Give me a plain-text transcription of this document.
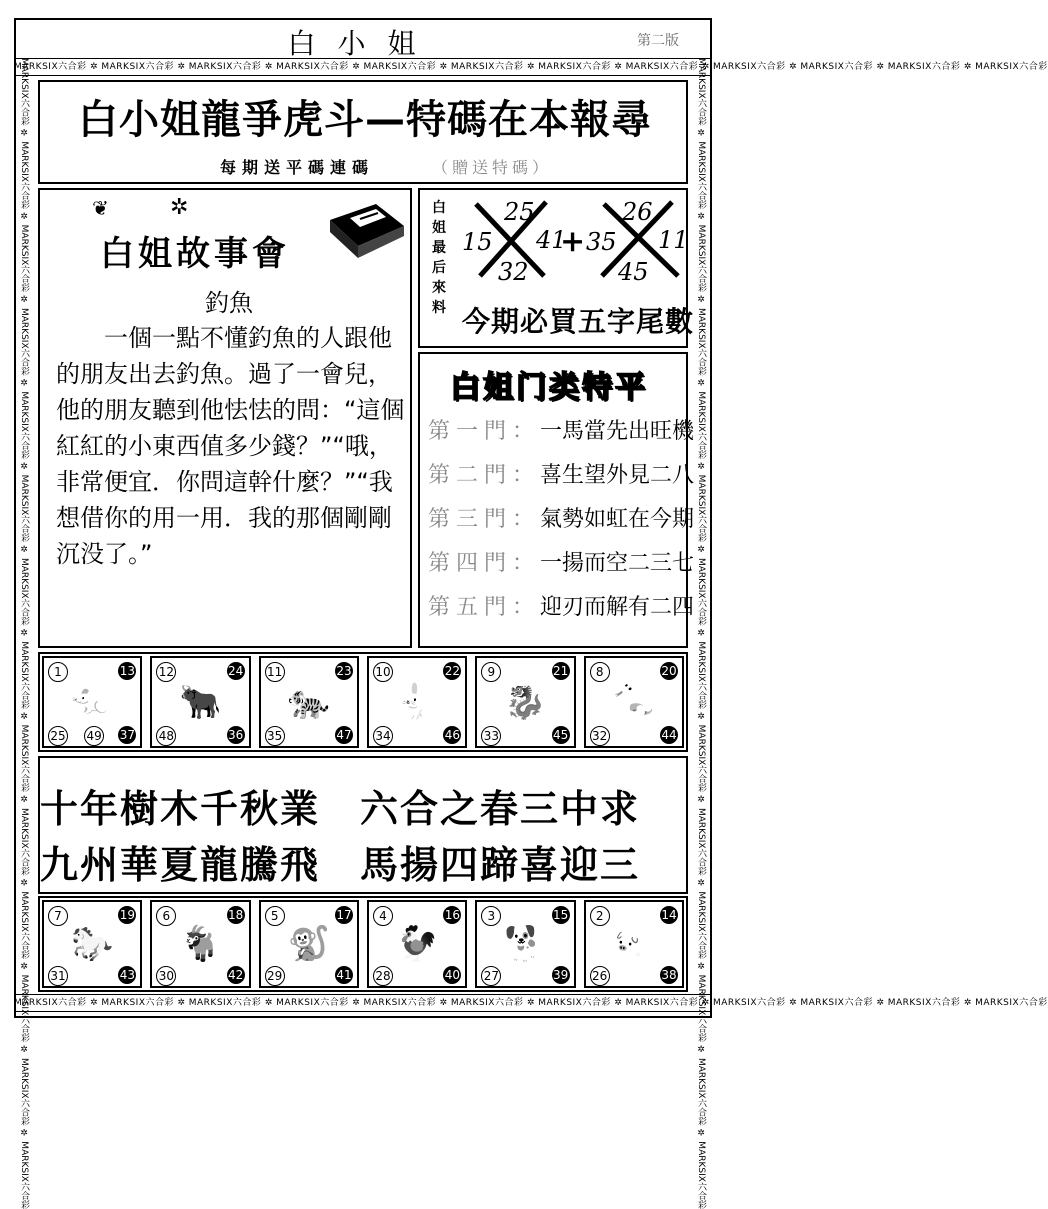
白小姐	第二版
MARKSIX六合彩 ✲ MARKSIX六合彩 ✲ MARKSIX六合彩 ✲ MARKSIX六合彩 ✲ MARKSIX六合彩 ✲ MARKSIX六合彩 ✲ MARKSIX六合彩 ✲ MARKSIX六合彩 ✲ MARKSIX六合彩 ✲ MARKSIX六合彩 ✲ MARKSIX六合彩 ✲ MARKSIX六合彩
MARKSIX六合彩 ✲ MARKSIX六合彩 ✲ MARKSIX六合彩 ✲ MARKSIX六合彩 ✲ MARKSIX六合彩 ✲ MARKSIX六合彩 ✲ MARKSIX六合彩 ✲ MARKSIX六合彩 ✲ MARKSIX六合彩 ✲ MARKSIX六合彩 ✲ MARKSIX六合彩 ✲ MARKSIX六合彩
MARKSIX六合彩 ✲ MARKSIX六合彩 ✲ MARKSIX六合彩 ✲ MARKSIX六合彩 ✲ MARKSIX六合彩 ✲ MARKSIX六合彩 ✲ MARKSIX六合彩 ✲ MARKSIX六合彩 ✲ MARKSIX六合彩 ✲ MARKSIX六合彩 ✲ MARKSIX六合彩 ✲ MARKSIX六合彩 ✲ MARKSIX六合彩 ✲ MARKSIX六合彩	MARKSIX六合彩 ✲ MARKSIX六合彩 ✲ MARKSIX六合彩 ✲ MARKSIX六合彩 ✲ MARKSIX六合彩 ✲ MARKSIX六合彩 ✲ MARKSIX六合彩 ✲ MARKSIX六合彩 ✲ MARKSIX六合彩 ✲ MARKSIX六合彩 ✲ MARKSIX六合彩 ✲ MARKSIX六合彩 ✲ MARKSIX六合彩 ✲ MARKSIX六合彩
白小姐龍爭虎斗—特碼在本報尋
每期送平碼連碼	（贈送特碼）
❦	✲
白姐故事會
釣魚

一個一點不懂釣魚的人跟他的朋友出去釣魚。過了一會兒，他的朋友聽到他怯怯的問：“這個紅紅的小東西值多少錢？”“哦，非常便宜．你問這幹什麼？”“我想借你的用一用．我的那個剛剛沉没了。”

白姐最后來料
25
15 41
32
+
26
35 11
45
今期必買五字尾數
白姐门类特平
第一門：一馬當先出旺機
第二門：喜生望外見二八
第三門：氣勢如虹在今期
第四門：一揚而空二三七
第五門：迎刃而解有二四
🐀
1	13
25	37
49
🐂
12	24
48	36
🐅
11	23
35	47
🐇
10	22
34	46
🐉
9	21
33	45
🐍
8	20
32	44
十年樹木千秋業　六合之春三中求
九州華夏龍騰飛　馬揚四蹄喜迎三
🐎
7	19
31	43
🐐
6	18
30	42
🐒
5	17
29	41
🐓
4	16
28	40
🐕
3	15
27	39
🐖
2	14
26	38
